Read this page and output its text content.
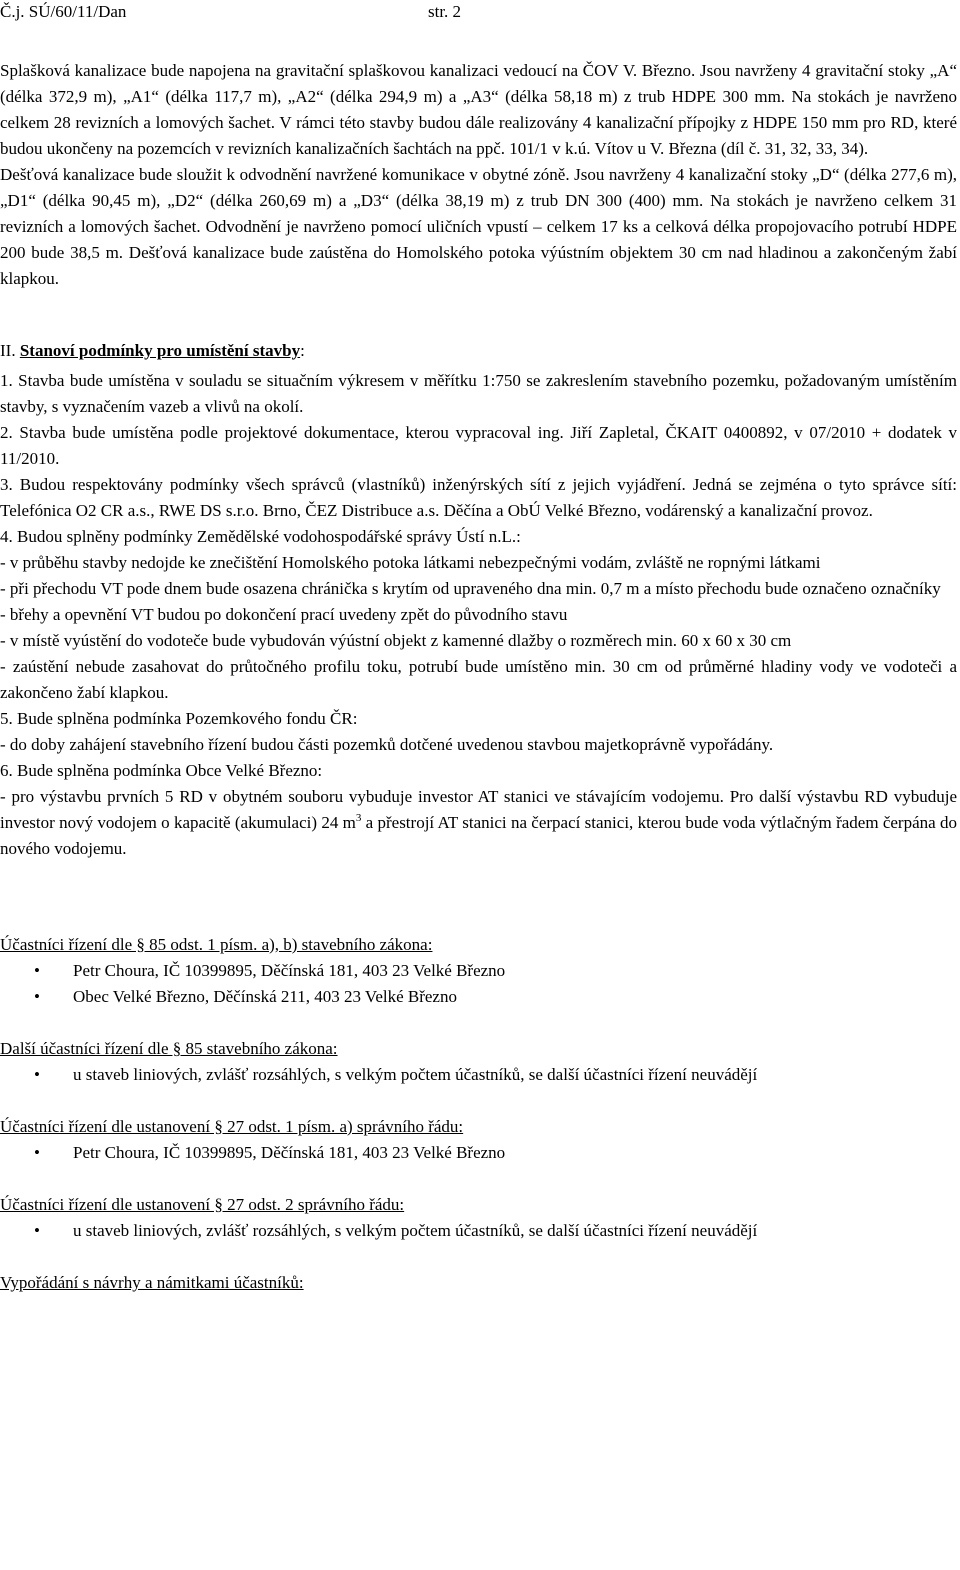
Č.j. SÚ/60/11/Dan	str. 2

Splašková kanalizace bude napojena na gravitační splaškovou kanalizaci vedoucí na ČOV V. Březno. Jsou navrženy 4 gravitační stoky „A“ (délka 372,9 m), „A1“ (délka 117,7 m), „A2“ (délka 294,9 m) a „A3“ (délka 58,18 m) z trub HDPE 300 mm. Na stokách je navrženo celkem 28 revizních a lomových šachet. V rámci této stavby budou dále realizovány 4 kanalizační přípojky z HDPE 150 mm pro RD, které budou ukončeny na pozemcích v revizních kanalizačních šachtách na ppč. 101/1 v k.ú. Vítov u V. Března (díl č. 31, 32, 33, 34).

Dešťová kanalizace bude sloužit k odvodnění navržené komunikace v obytné zóně. Jsou navrženy 4 kanalizační stoky „D“ (délka 277,6 m), „D1“ (délka 90,45 m), „D2“ (délka 260,69 m) a „D3“ (délka 38,19 m) z trub DN 300 (400) mm. Na stokách je navrženo celkem 31 revizních a lomových šachet. Odvodnění je navrženo pomocí uličních vpustí – celkem 17 ks a celková délka propojovacího potrubí HDPE 200 bude 38,5 m. Dešťová kanalizace bude zaústěna do Homolského potoka výústním objektem 30 cm nad hladinou a zakončeným žabí klapkou.

II. Stanoví podmínky pro umístění stavby:

1. Stavba bude umístěna v souladu se situačním výkresem v měřítku 1:750 se zakreslením stavebního pozemku, požadovaným umístěním stavby, s vyznačením vazeb a vlivů na okolí.

2. Stavba bude umístěna podle projektové dokumentace, kterou vypracoval ing. Jiří Zapletal, ČKAIT 0400892, v 07/2010 + dodatek v 11/2010.

3. Budou respektovány podmínky všech správců (vlastníků) inženýrských sítí z jejich vyjádření. Jedná se zejména o tyto správce sítí: Telefónica O2 CR a.s., RWE DS s.r.o. Brno, ČEZ Distribuce a.s. Děčína a ObÚ Velké Březno, vodárenský a kanalizační provoz.

4. Budou splněny podmínky Zemědělské vodohospodářské správy Ústí n.L.:

- v průběhu stavby nedojde ke znečištění Homolského potoka látkami nebezpečnými vodám, zvláště ne ropnými látkami

- při přechodu VT pode dnem bude osazena chránička s krytím od upraveného dna min. 0,7 m a místo přechodu bude označeno označníky

- břehy a opevnění VT budou po dokončení prací uvedeny zpět do původního stavu

- v místě vyústění do vodoteče bude vybudován výústní objekt z kamenné dlažby o rozměrech min. 60 x 60 x 30 cm

- zaústění nebude zasahovat do průtočného profilu toku, potrubí bude umístěno min. 30 cm od průměrné hladiny vody ve vodoteči a zakončeno žabí klapkou.

5. Bude splněna podmínka Pozemkového fondu ČR:

- do doby zahájení stavebního řízení budou části pozemků dotčené uvedenou stavbou majetkoprávně vypořádány.

6. Bude splněna podmínka Obce Velké Březno:

- pro výstavbu prvních 5 RD v obytném souboru vybuduje investor AT stanici ve stávajícím vodojemu. Pro další výstavbu RD vybuduje investor nový vodojem o kapacitě (akumulaci) 24 $m^3$ a přestrojí AT stanici na čerpací stanici, kterou bude voda výtlačným řadem čerpána do nového vodojemu.

Účastníci řízení dle § 85 odst. 1 písm. a), b) stavebního zákona:

• Petr Choura, IČ 10399895, Děčínská 181, 403 23 Velké Březno
• Obec Velké Březno, Děčínská 211, 403 23 Velké Březno

Další účastníci řízení dle § 85 stavebního zákona:

• u staveb liniových, zvlášť rozsáhlých, s velkým počtem účastníků, se další účastníci řízení neuvádějí

Účastníci řízení dle ustanovení § 27 odst. 1 písm. a) správního řádu:

• Petr Choura, IČ 10399895, Děčínská 181, 403 23 Velké Březno

Účastníci řízení dle ustanovení § 27 odst. 2 správního řádu:

• u staveb liniových, zvlášť rozsáhlých, s velkým počtem účastníků, se další účastníci řízení neuvádějí

Vypořádání s návrhy a námitkami účastníků:
